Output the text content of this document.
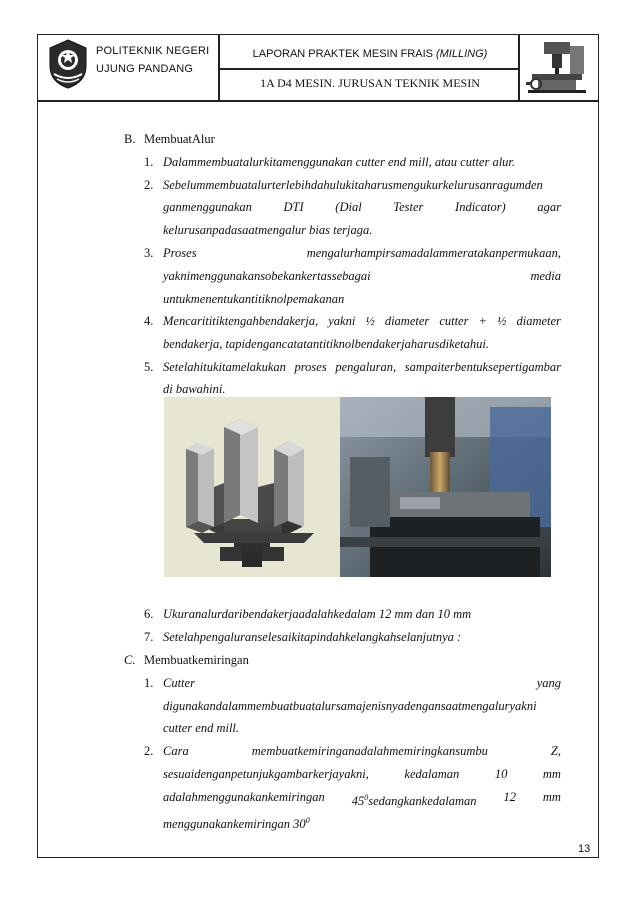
POLITEKNIK NEGERI
UJUNG PANDANG
LAPORAN PRAKTEK MESIN FRAIS (MILLING)
1A D4 MESIN. JURUSAN TEKNIK MESIN
B. MembuatAlur
1. Dalammembuatalurkitamenggunakan cutter end mill, atau cutter alur.
2. Sebelummembuatalurterlebihdahulukitaharusmengukurkelurusanragumden
ganmenggunakan	DTI	(Dial	Tester	Indicator)	agar
kelurusanpadasaatmengalur bias terjaga.
3. Proses	mengalurhampirsamadalammeratakanpermukaan,
yaknimenggunakansobekankertassebagai	media
untukmenentukantitiknolpemakanan
4. Mencarititiktengahbendakerja, yakni ½ diameter cutter + ½ diameter
bendakerja, tapidengancatatantitiknolbendakerjaharusdiketahui.
5. Setelahitukitamelakukan proses pengaluran, sampaiterbentuksepertigambar
di bawahini.
6. Ukuranalurdaribendakerjaadalahkedalam 12 mm dan 10 mm
7. Setelahpengaluranselesaikitapindahkelangkahselanjutnya :
C. Membuatkemiringan
1. Cutter	yang
digunakandalammembuatbuatalursamajenisnyadengansaatmengaluryakni
cutter end mill.
2. Cara	membuatkemiringanadalahmemiringkansumbu	Z,
sesuaidenganpetunjukgambarkerjayakni,	kedalaman	10	mm
adalahmenggunakankemiringan $45^0sedangkankedalaman$ 12 mm
menggunakankemiringan $30^0$
13
